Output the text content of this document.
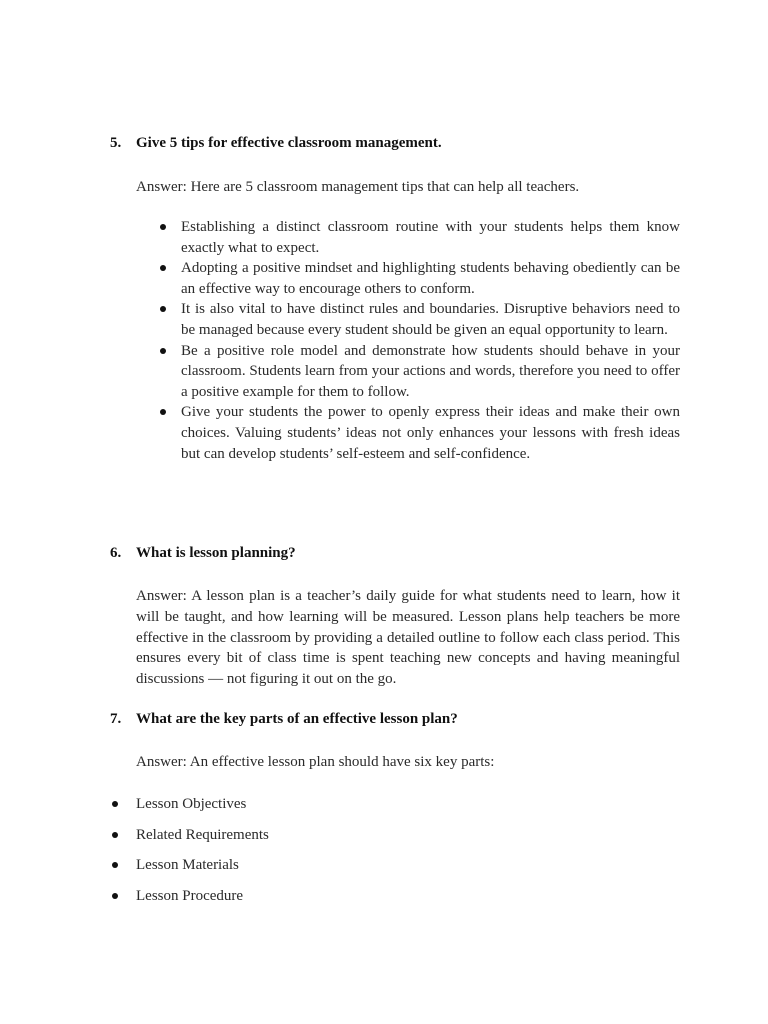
5. Give 5 tips for effective classroom management.

Answer: Here are 5 classroom management tips that can help all teachers.

Establishing a distinct classroom routine with your students helps them know exactly what to expect.
Adopting a positive mindset and highlighting students behaving obediently can be an effective way to encourage others to conform.
It is also vital to have distinct rules and boundaries. Disruptive behaviors need to be managed because every student should be given an equal opportunity to learn.
Be a positive role model and demonstrate how students should behave in your classroom. Students learn from your actions and words, therefore you need to offer a positive example for them to follow.
Give your students the power to openly express their ideas and make their own choices. Valuing students’ ideas not only enhances your lessons with fresh ideas but can develop students’ self-esteem and self-confidence.
6. What is lesson planning?

Answer: A lesson plan is a teacher’s daily guide for what students need to learn, how it will be taught, and how learning will be measured. Lesson plans help teachers be more effective in the classroom by providing a detailed outline to follow each class period. This ensures every bit of class time is spent teaching new concepts and having meaningful discussions — not figuring it out on the go.

7. What are the key parts of an effective lesson plan?

Answer: An effective lesson plan should have six key parts:

Lesson Objectives
Related Requirements
Lesson Materials
Lesson Procedure
